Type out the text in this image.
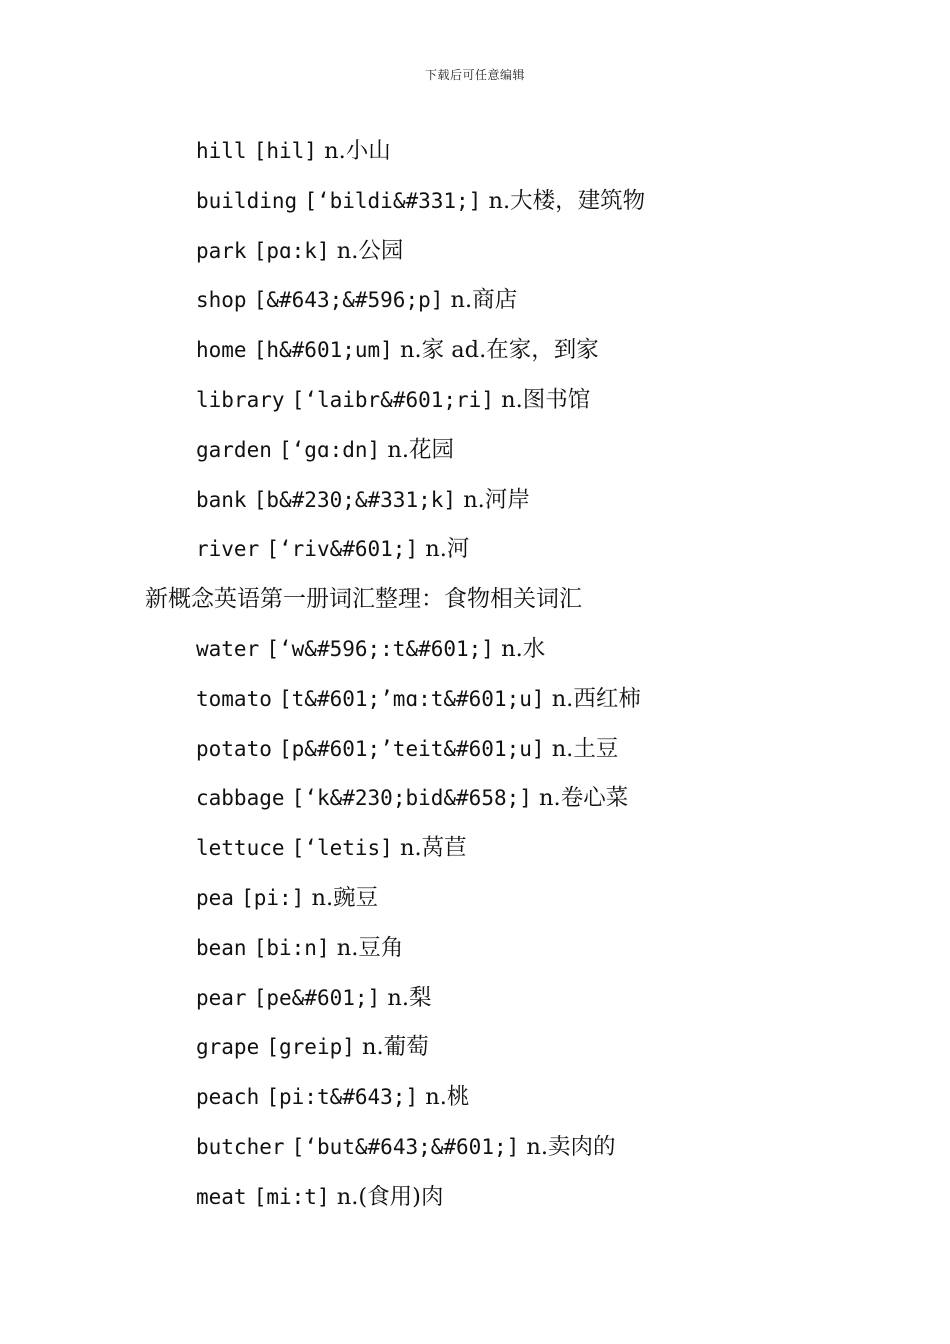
下载后可任意编辑
hill [hil] n.小山
building [‘bildi&#331;] n.大楼，建筑物
park [pɑ:k] n.公园
shop [&#643;&#596;p] n.商店
home [h&#601;um] n.家 ad.在家，到家
library [‘laibr&#601;ri] n.图书馆
garden [‘gɑ:dn] n.花园
bank [b&#230;&#331;k] n.河岸
river [‘riv&#601;] n.河
新概念英语第一册词汇整理：食物相关词汇
water [‘w&#596;:t&#601;] n.水
tomato [t&#601;’mɑ:t&#601;u] n.西红柿
potato [p&#601;’teit&#601;u] n.土豆
cabbage [‘k&#230;bid&#658;] n.卷心菜
lettuce [‘letis] n.莴苣
pea [pi:] n.豌豆
bean [bi:n] n.豆角
pear [pe&#601;] n.梨
grape [greip] n.葡萄
peach [pi:t&#643;] n.桃
butcher [‘but&#643;&#601;] n.卖肉的
meat [mi:t] n.(食用)肉
